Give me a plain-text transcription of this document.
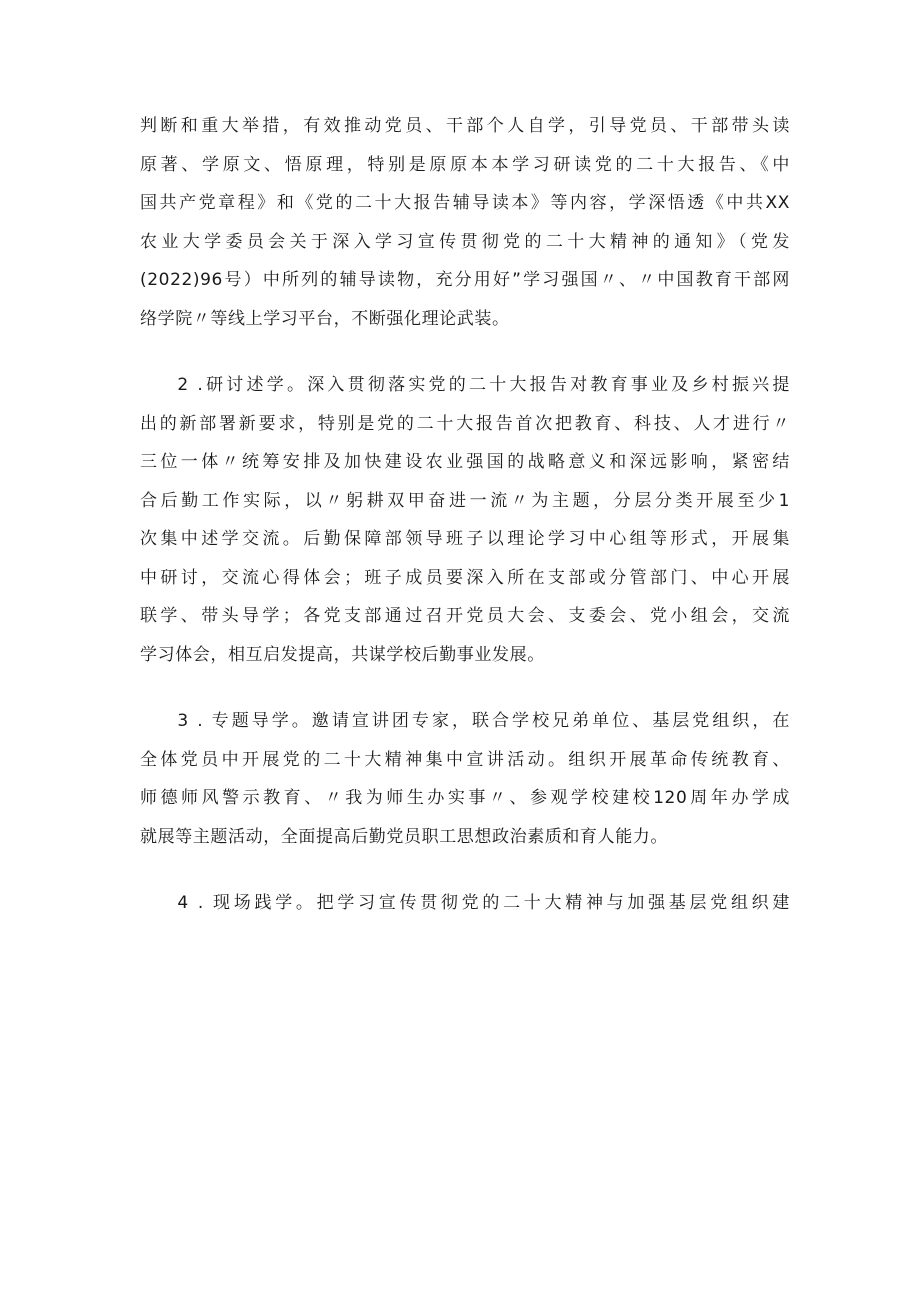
判断和重大举措，有效推动党员、干部个人自学，引导党员、干部带头读
原著、学原文、悟原理，特别是原原本本学习研读党的二十大报告、《中
国共产党章程》和《党的二十大报告辅导读本》等内容，学深悟透《中共XX
农业大学委员会关于深入学习宣传贯彻党的二十大精神的通知》（党发
(2022)96号）中所列的辅导读物，充分用好”学习强国〃、〃中国教育干部网
络学院〃等线上学习平台，不断强化理论武装。
2 .研讨述学。深入贯彻落实党的二十大报告对教育事业及乡村振兴提
出的新部署新要求，特别是党的二十大报告首次把教育、科技、人才进行〃
三位一体〃统筹安排及加快建设农业强国的战略意义和深远影响，紧密结
合后勤工作实际，以〃躬耕双甲奋进一流〃为主题，分层分类开展至少1
次集中述学交流。后勤保障部领导班子以理论学习中心组等形式，开展集
中研讨，交流心得体会；班子成员要深入所在支部或分管部门、中心开展
联学、带头导学；各党支部通过召开党员大会、支委会、党小组会，交流
学习体会，相互启发提高，共谋学校后勤事业发展。
3 . 专题导学。邀请宣讲团专家，联合学校兄弟单位、基层党组织，在
全体党员中开展党的二十大精神集中宣讲活动。组织开展革命传统教育、
师德师风警示教育、〃我为师生办实事〃、参观学校建校120周年办学成
就展等主题活动，全面提高后勤党员职工思想政治素质和育人能力。
4 . 现场践学。把学习宣传贯彻党的二十大精神与加强基层党组织建
